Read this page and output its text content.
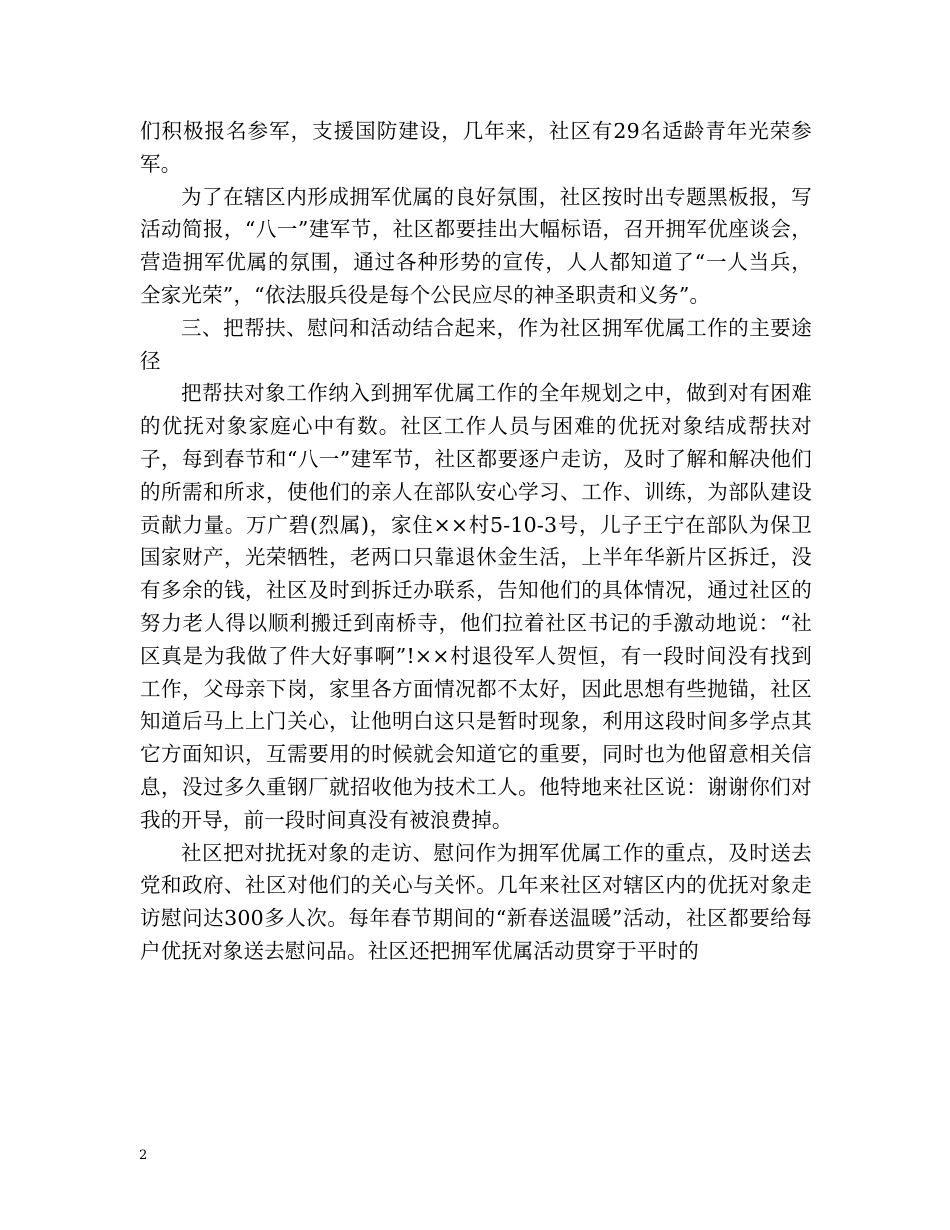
们积极报名参军，支援国防建设，几年来，社区有29名适龄青年光荣参军。

为了在辖区内形成拥军优属的良好氛围，社区按时出专题黑板报，写活动简报，“八一”建军节，社区都要挂出大幅标语，召开拥军优座谈会，营造拥军优属的氛围，通过各种形势的宣传，人人都知道了“一人当兵，全家光荣”，“依法服兵役是每个公民应尽的神圣职责和义务”。

三、把帮扶、慰问和活动结合起来，作为社区拥军优属工作的主要途径

把帮扶对象工作纳入到拥军优属工作的全年规划之中，做到对有困难的优抚对象家庭心中有数。社区工作人员与困难的优抚对象结成帮扶对子，每到春节和“八一”建军节，社区都要逐户走访，及时了解和解决他们的所需和所求，使他们的亲人在部队安心学习、工作、训练，为部队建设贡献力量。万广碧(烈属)，家住××村5-10-3号，儿子王宁在部队为保卫国家财产，光荣牺牲，老两口只靠退休金生活，上半年华新片区拆迁，没有多余的钱，社区及时到拆迁办联系，告知他们的具体情况，通过社区的努力老人得以顺利搬迁到南桥寺，他们拉着社区书记的手激动地说：“社区真是为我做了件大好事啊”!××村退役军人贺恒，有一段时间没有找到工作，父母亲下岗，家里各方面情况都不太好，因此思想有些抛锚，社区知道后马上上门关心，让他明白这只是暂时现象，利用这段时间多学点其它方面知识，互需要用的时候就会知道它的重要，同时也为他留意相关信息，没过多久重钢厂就招收他为技术工人。他特地来社区说：谢谢你们对我的开导，前一段时间真没有被浪费掉。

社区把对扰抚对象的走访、慰问作为拥军优属工作的重点，及时送去党和政府、社区对他们的关心与关怀。几年来社区对辖区内的优抚对象走访慰问达300多人次。每年春节期间的“新春送温暖”活动，社区都要给每户优抚对象送去慰问品。社区还把拥军优属活动贯穿于平时的

2
